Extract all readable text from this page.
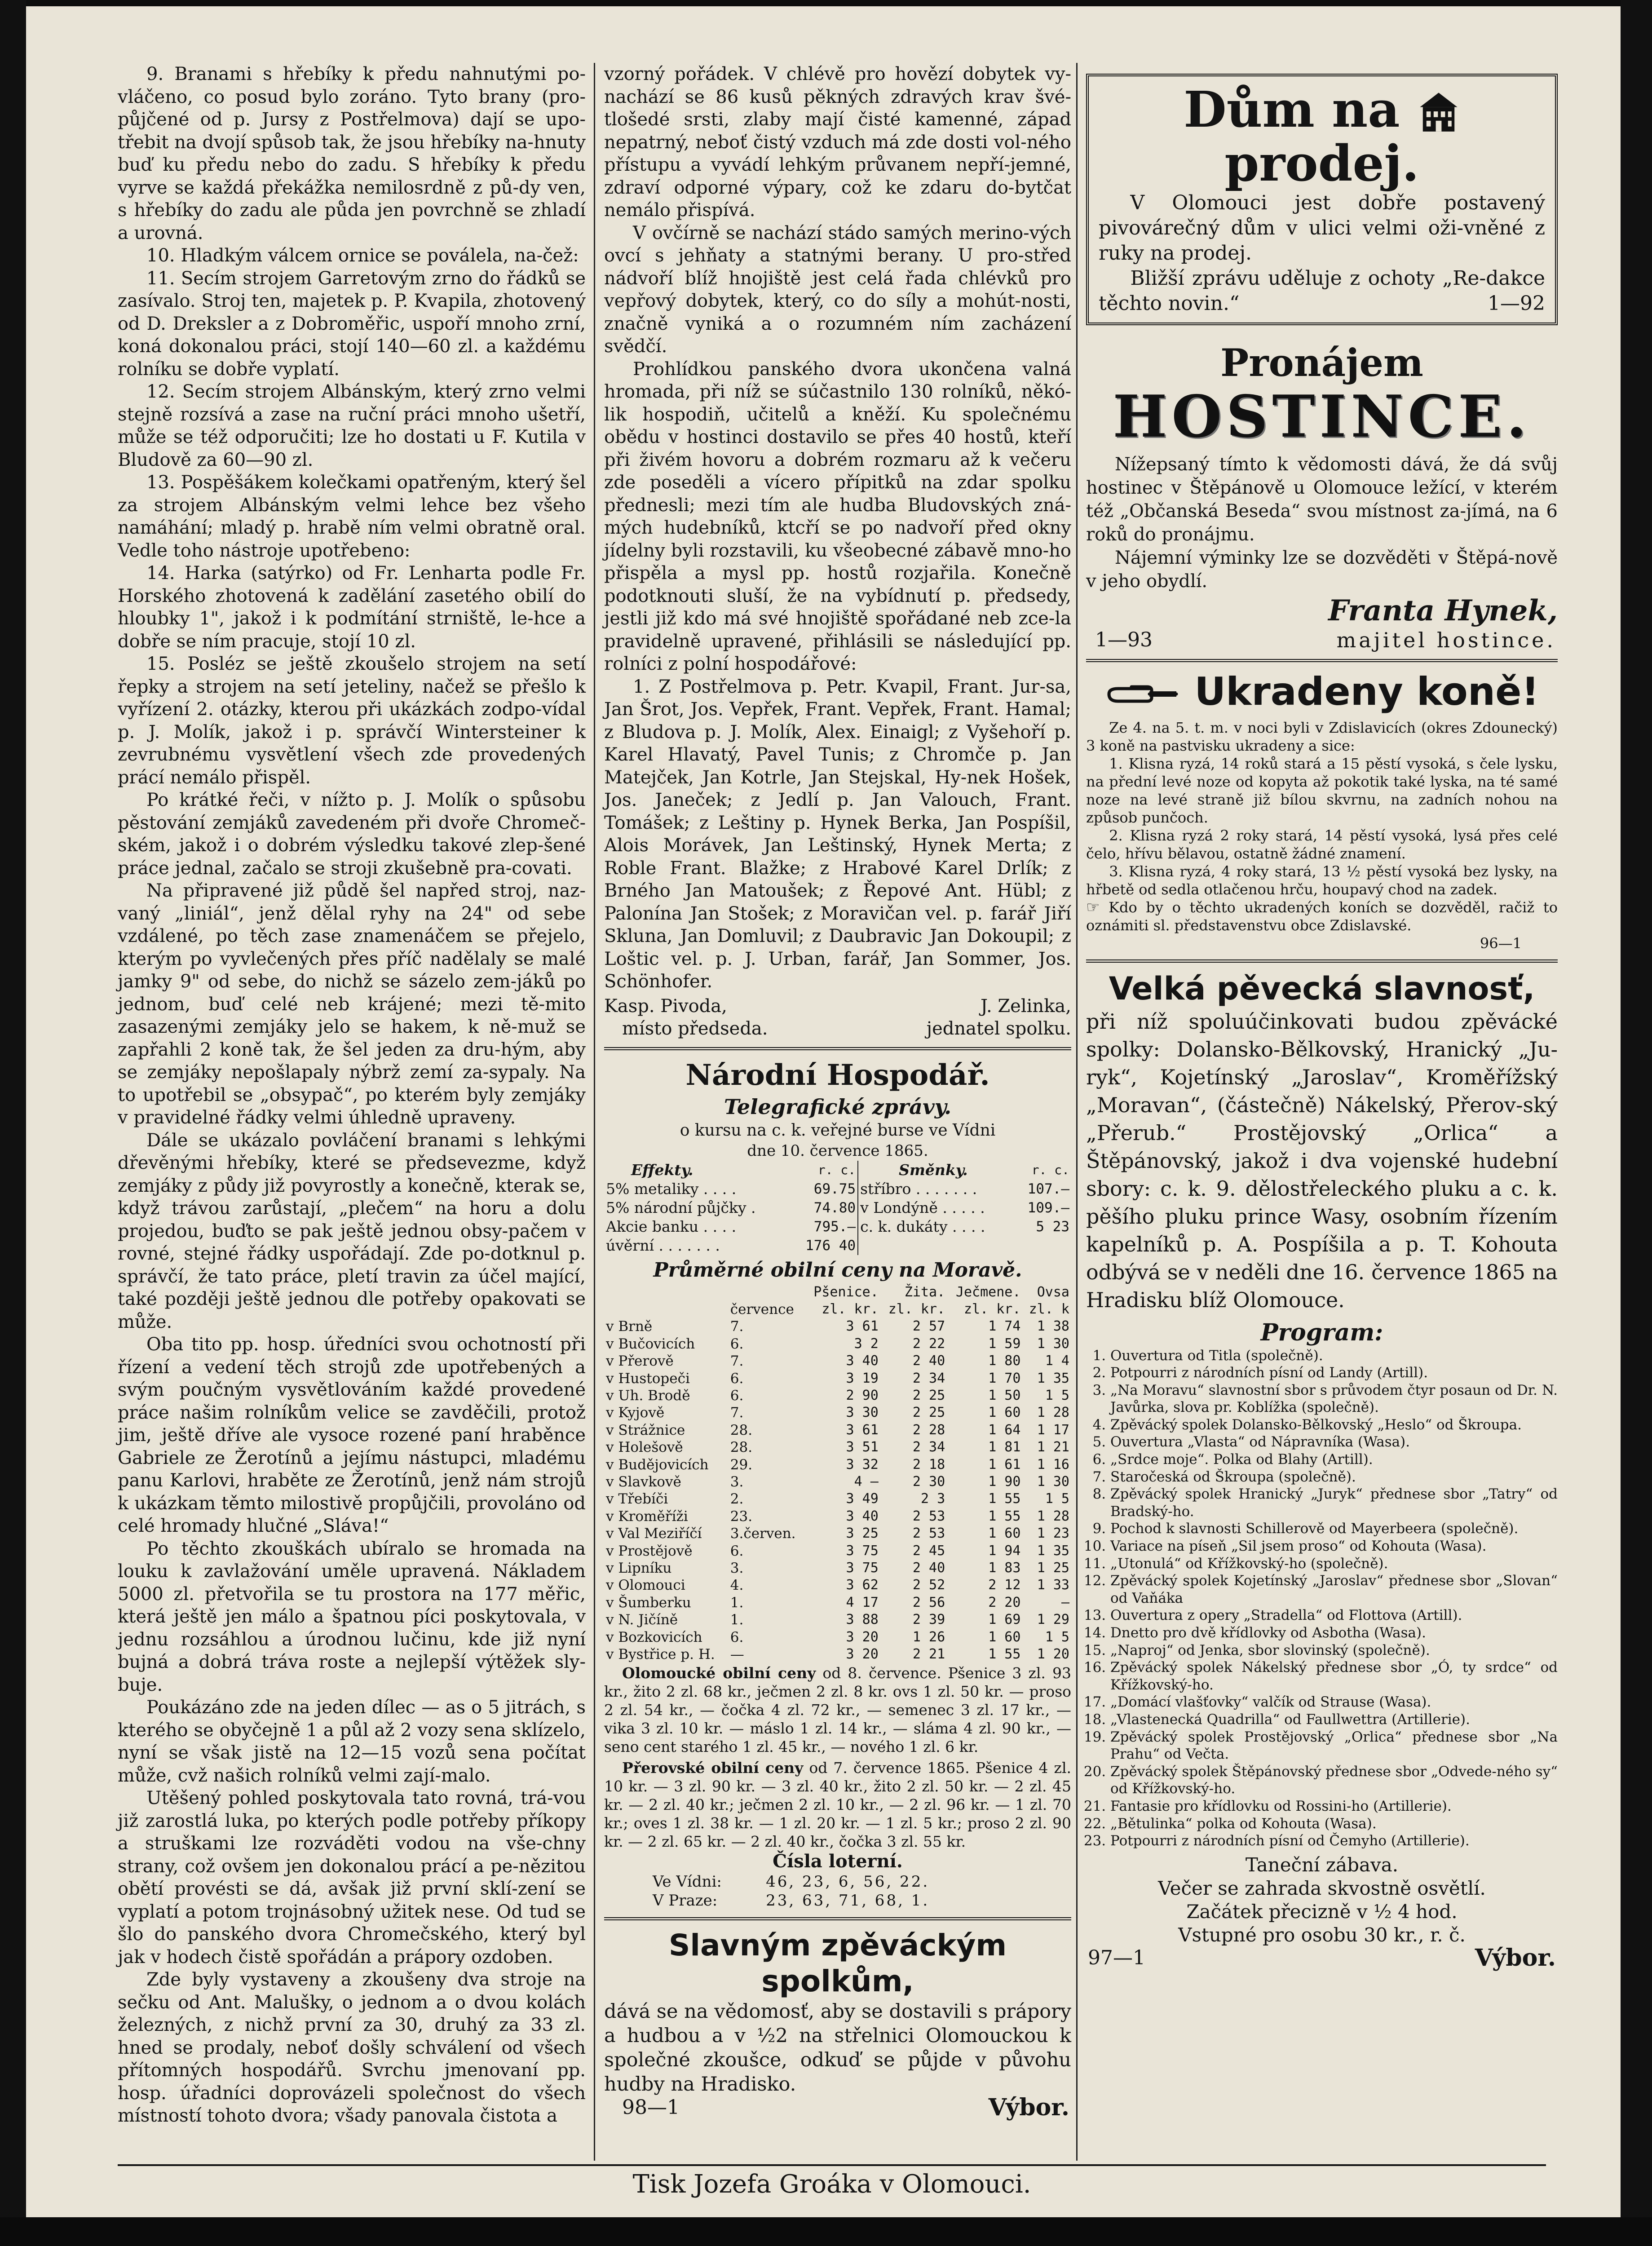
9. Branami s hřebíky k předu nahnutými po-vláčeno, co posud bylo zoráno. Tyto brany (pro-půjčené od p. Jursy z Postřelmova) dají se upo-třebit na dvojí spůsob tak, že jsou hřebíky na-hnuty buď ku předu nebo do zadu. S hřebíky k předu vyrve se každá překážka nemilosrdně z pů-dy ven, s hřebíky do zadu ale půda jen povrchně se zhladí a urovná.

10. Hladkým válcem ornice se poválela, na-čež:

11. Secím strojem Garretovým zrno do řádků se zasívalo. Stroj ten, majetek p. P. Kvapila, zhotovený od D. Dreksler a z Dobroměřic, uspoří mnoho zrní, koná dokonalou práci, stojí 140—60 zl. a každému rolníku se dobře vyplatí.

12. Secím strojem Albánským, který zrno velmi stejně rozsívá a zase na ruční práci mnoho ušetří, může se též odporučiti; lze ho dostati u F. Kutila v Bludově za 60—90 zl.

13. Pospěšákem kolečkami opatřeným, který šel za strojem Albánským velmi lehce bez všeho namáhání; mladý p. hrabě ním velmi obratně oral. Vedle toho nástroje upotřebeno:

14. Harka (satýrko) od Fr. Lenharta podle Fr. Horského zhotovená k zadělání zasetého obilí do hloubky 1", jakož i k podmítání strniště, le-hce a dobře se ním pracuje, stojí 10 zl.

15. Posléz se ještě zkoušelo strojem na setí řepky a strojem na setí jeteliny, načež se přešlo k vyřízení 2. otázky, kterou při ukázkách zodpo-vídal p. J. Molík, jakož i p. správčí Wintersteiner k zevrubnému vysvětlení všech zde provedených prácí nemálo přispěl.

Po krátké řeči, v nížto p. J. Molík o spůsobu pěstování zemjáků zavedeném při dvoře Chromeč-ském, jakož i o dobrém výsledku takové zlep-šené práce jednal, začalo se stroji zkušebně pra-covati.

Na připravené již půdě šel napřed stroj, naz-vaný „liniál“, jenž dělal ryhy na 24" od sebe vzdálené, po těch zase znamenáčem se přejelo, kterým po vyvlečených přes příč nadělaly se malé jamky 9" od sebe, do nichž se sázelo zem-jáků po jednom, buď celé neb krájené; mezi tě-mito zasazenými zemjáky jelo se hakem, k ně-muž se zapřahli 2 koně tak, že šel jeden za dru-hým, aby se zemjáky nepošlapaly nýbrž zemí za-sypaly. Na to upotřebil se „obsypač“, po kterém byly zemjáky v pravidelné řádky velmi úhledně upraveny.

Dále se ukázalo povláčení branami s lehkými dřevěnými hřebíky, které se předsevezme, když zemjáky z půdy již povyrostly a konečně, kterak se, když trávou zarůstají, „plečem“ na horu a dolu projedou, buďto se pak ještě jednou obsy-pačem v rovné, stejné řádky uspořádají. Zde po-dotknul p. správčí, že tato práce, pletí travin za účel mající, také později ještě jednou dle potřeby opakovati se může.

Oba tito pp. hosp. úředníci svou ochotností při řízení a vedení těch strojů zde upotřebených a svým poučným vysvětlováním každé provedené práce našim rolníkům velice se zavděčili, protož jim, ještě dříve ale vysoce rozené paní hraběnce Gabriele ze Žerotínů a jejímu nástupci, mladému panu Karlovi, hraběte ze Žerotínů, jenž nám strojů k ukázkam těmto milostivě propůjčili, provoláno od celé hromady hlučné „Sláva!“

Po těchto zkouškách ubíralo se hromada na louku k zavlažování uměle upravená. Nákladem 5000 zl. přetvořila se tu prostora na 177 měřic, která ještě jen málo a špatnou píci poskytovala, v jednu rozsáhlou a úrodnou lučinu, kde již nyní bujná a dobrá tráva roste a nejlepší výtěžek sly-buje.

Poukázáno zde na jeden dílec — as o 5 jitrách, s kterého se obyčejně 1 a půl až 2 vozy sena sklízelo, nyní se však jistě na 12—15 vozů sena počítat může, cvž našich rolníků velmi zají-malo.

Utěšený pohled poskytovala tato rovná, trá-vou již zarostlá luka, po kterých podle potřeby příkopy a struškami lze rozváděti vodou na vše-chny strany, což ovšem jen dokonalou prácí a pe-nězitou obětí provésti se dá, avšak již první sklí-zení se vyplatí a potom trojnásobný užitek nese. Od tud se šlo do panského dvora Chromečského, který byl jak v hodech čistě spořádán a prápory ozdoben.

Zde byly vystaveny a zkoušeny dva stroje na sečku od Ant. Malušky, o jednom a o dvou kolách železných, z nichž první za 30, druhý za 33 zl. hned se prodaly, neboť došly schválení od všech přítomných hospodářů. Svrchu jmenovaní pp. hosp. úřadníci doprovázeli společnost do všech místností tohoto dvora; všady panovala čistota a

vzorný pořádek. V chlévě pro hovězí dobytek vy-nachází se 86 kusů pěkných zdravých krav švé-tlošedé srsti, zlaby mají čisté kamenné, západ nepatrný, neboť čistý vzduch má zde dosti vol-ného přístupu a vyvádí lehkým průvanem nepří-jemné, zdraví odporné výpary, což ke zdaru do-bytčat nemálo přispívá.

V ovčírně se nachází stádo samých merino-vých ovcí s jehňaty a statnými berany. U pro-střed nádvoří blíž hnojiště jest celá řada chlévků pro vepřový dobytek, který, co do síly a mohút-nosti, značně vyniká a o rozumném ním zacházení svědčí.

Prohlídkou panského dvora ukončena valná hromada, při níž se súčastnilo 130 rolníků, někó-lik hospodiň, učitelů a kněží. Ku společnému obědu v hostinci dostavilo se přes 40 hostů, kteří při živém hovoru a dobrém rozmaru až k večeru zde poseděli a vícero přípitků na zdar spolku přednesli; mezi tím ale hudba Bludovských zná-mých hudebníků, ktcří se po nadvoří před okny jídelny byli rozstavili, ku všeobecné zábavě mno-ho přispěla a mysl pp. hostů rozjařila. Konečně podotknouti sluší, že na vybídnutí p. předsedy, jestli již kdo má své hnojiště spořádané neb zce-la pravidelně upravené, přihlásili se následující pp. rolníci z polní hospodářové:

1. Z Postřelmova p. Petr. Kvapil, Frant. Jur-sa, Jan Šrot, Jos. Vepřek, Frant. Vepřek, Frant. Hamal; z Bludova p. J. Molík, Alex. Einaigl; z Vyšehoří p. Karel Hlavatý, Pavel Tunis; z Chromče p. Jan Matejček, Jan Kotrle, Jan Stejskal, Hy-nek Hošek, Jos. Janeček; z Jedlí p. Jan Valouch, Frant. Tomášek; z Leštiny p. Hynek Berka, Jan Pospíšil, Alois Morávek, Jan Leštinský, Hynek Merta; z Roble Frant. Blažke; z Hrabové Karel Drlík; z Brného Jan Matoušek; z Řepové Ant. Hübl; z Palonína Jan Stošek; z Moravičan vel. p. farář Jiří Skluna, Jan Domluvil; z Daubravic Jan Dokoupil; z Loštic vel. p. J. Urban, farář, Jan Sommer, Jos. Schönhofer.

Kasp. Pivoda,	J. Zelinka,
místo předseda.	jednatel spolku.
Národní Hospodář.
Telegrafické zprávy.
o kursu na c. k. veřejné burse ve Vídni
dne 10. července 1865.
Effekty.	r. c.	Směnky.	r. c.
5% metaliky . . . .	69.75	stříbro . . . . . . .	107.—
5% národní půjčky .	74.80	v Londýně . . . . .	109.—
Akcie banku . . . .	795.—	c. k. dukáty . . . .	5 23
úvěrní . . . . . . .	176 40		
Průměrné obilní ceny na Moravě.
		Pšenice.	Žita.	Ječmene.	Ovsa
	července	zl. kr.	zl. kr.	zl. kr.	zl. k
v Brně	7.	3 61	2 57	1 74	1 38
v Bučovicích	6.	3 2	2 22	1 59	1 30
v Přerově	7.	3 40	2 40	1 80	1 4
v Hustopeči	6.	3 19	2 34	1 70	1 35
v Uh. Brodě	6.	2 90	2 25	1 50	1 5
v Kyjově	7.	3 30	2 25	1 60	1 28
v Strážnice	28.	3 61	2 28	1 64	1 17
v Holešově	28.	3 51	2 34	1 81	1 21
v Budějovicích	29.	3 32	2 18	1 61	1 16
v Slavkově	3.	4 —	2 30	1 90	1 30
v Třebíči	2.	3 49	2 3	1 55	1 5
v Kroměříži	23.	3 40	2 53	1 55	1 28
v Val Meziříčí	3.červen.	3 25	2 53	1 60	1 23
v Prostějově	6.	3 75	2 45	1 94	1 35
v Lipníku	3.	3 75	2 40	1 83	1 25
v Olomouci	4.	3 62	2 52	2 12	1 33
v Šumberku	1.	4 17	2 56	2 20	—
v N. Jičíně	1.	3 88	2 39	1 69	1 29
v Bozkovicích	6.	3 20	1 26	1 60	1 5
v Bystřice p. H.	—	3 20	2 21	1 55	1 20
Olomoucké obilní ceny od 8. července. Pšenice 3 zl. 93 kr., žito 2 zl. 68 kr., ječmen 2 zl. 8 kr. ovs 1 zl. 50 kr. — proso 2 zl. 54 kr., — čočka 4 zl. 72 kr., — semenec 3 zl. 17 kr., — vika 3 zl. 10 kr. — máslo 1 zl. 14 kr., — sláma 4 zl. 90 kr., — seno cent starého 1 zl. 45 kr., — nového 1 zl. 6 kr.
Přerovské obilní ceny od 7. července 1865. Pšenice 4 zl. 10 kr. — 3 zl. 90 kr. — 3 zl. 40 kr., žito 2 zl. 50 kr. — 2 zl. 45 kr. — 2 zl. 40 kr.; ječmen 2 zl. 10 kr., — 2 zl. 96 kr. — 1 zl. 70 kr.; oves 1 zl. 38 kr. — 1 zl. 20 kr. — 1 zl. 5 kr.; proso 2 zl. 90 kr. — 2 zl. 65 kr. — 2 zl. 40 kr., čočka 3 zl. 55 kr.
Čísla loterní.
Ve Vídni:	46, 23, 6, 56, 22.
V Praze:	23, 63, 71, 68, 1.
Slavným zpěváckým spolkům,
dává se na vědomosť, aby se dostavili s prápory a hudbou a v ½2 na střelnici Olomouckou k společné zkoušce, odkuď se půjde v půvohu hudby na Hradisko.
98—1	Výbor.
Dům na  prodej.

V Olomouci jest dobře postavený pivovárečný dům v ulici velmi oži-vněné z ruky na prodej.

Bližší zprávu uděluje z ochoty „Re-dakce těchto novin.“	1—92
Pronájem
HOSTINCE.

Nížepsaný tímto k vědomosti dává, že dá svůj hostinec v Štěpánově u Olomouce ležící, v kterém též „Občanská Beseda“ svou místnost za-jímá, na 6 roků do pronájmu.

Nájemní výminky lze se dozvěděti v Štěpá-nově v jeho obydlí.

Franta Hynek,
1—93	majitel hostince.
Ukradeny koně!

Ze 4. na 5. t. m. v noci byli v Zdislavicích (okres Zdounecký) 3 koně na pastvisku ukradeny a sice:

1. Klisna ryzá, 14 roků stará a 15 pěstí vysoká, s čele lysku, na přední levé noze od kopyta až pokotik také lyska, na té samé noze na levé straně již bílou skvrnu, na zadních nohou na způsob punčoch.

2. Klisna ryzá 2 roky stará, 14 pěstí vysoká, lysá přes celé čelo, hřívu bělavou, ostatně žádné znamení.

3. Klisna ryzá, 4 roky stará, 13 ½ pěstí vysoká bez lysky, na hřbetě od sedla otlačenou hrču, houpavý chod na zadek.

☞ Kdo by o těchto ukradených koních se dozvěděl, račiž to oznámiti sl. představenstvu obce Zdislavské.
96—1
Velká pěvecká slavnosť,
při níž spoluúčinkovati budou zpěvácké spolky: Dolansko-Bělkovský, Hranický „Ju-ryk“, Kojetínský „Jaroslav“, Kroměřížský „Moravan“, (částečně) Nákelský, Přerov-ský „Přerub.“ Prostějovský „Orlica“ a Štěpánovský, jakož i dva vojenské hudební sbory: c. k. 9. dělostřeleckého pluku a c. k. pěšího pluku prince Wasy, osobním řízením kapelníků p. A. Pospíšila a p. T. Kohouta odbývá se v neděli dne 16. července 1865 na Hradisku blíž Olomouce.
Program:
1. Ouvertura od Titla (společně).
2. Potpourri z národních písní od Landy (Artill).
3. „Na Moravu“ slavnostní sbor s průvodem čtyr posaun od Dr. N. Javůrka, slova pr. Koblížka (společně).
4. Zpěvácký spolek Dolansko-Bělkovský „Heslo“ od Škroupa.
5. Ouvertura „Vlasta“ od Nápravníka (Wasa).
6. „Srdce moje“. Polka od Blahy (Artill).
7. Staročeská od Škroupa (společně).
8. Zpěvácký spolek Hranický „Juryk“ přednese sbor „Tatry“ od Bradský-ho.
9. Pochod k slavnosti Schillerově od Mayerbeera (společně).
10. Variace na píseň „Sil jsem proso“ od Kohouta (Wasa).
11. „Utonulá“ od Křížkovský-ho (společně).
12. Zpěvácký spolek Kojetínský „Jaroslav“ přednese sbor „Slovan“ od Vaňáka
13. Ouvertura z opery „Stradella“ od Flottova (Artill).
14. Dnetto pro dvě křídlovky od Asbotha (Wasa).
15. „Naproj“ od Jenka, sbor slovinský (společně).
16. Zpěvácký spolek Nákelský přednese sbor „Ó, ty srdce“ od Křížkovský-ho.
17. „Domácí vlašťovky“ valčík od Strause (Wasa).
18. „Vlastenecká Quadrilla“ od Faullwettra (Artillerie).
19. Zpěvácký spolek Prostějovský „Orlica“ přednese sbor „Na Prahu“ od Večta.
20. Zpěvácký spolek Štěpánovský přednese sbor „Odvede-ného sy“ od Křížkovský-ho.
21. Fantasie pro křídlovku od Rossini-ho (Artillerie).
22. „Bětulinka“ polka od Kohouta (Wasa).
23. Potpourri z národních písní od Čemyho (Artillerie).
Taneční zábava.
Večer se zahrada skvostně osvětlí.
Začátek přecizně v ½ 4 hod.
Vstupné pro osobu 30 kr., r. č.
97—1	Výbor.
Tisk Jozefa Groáka v Olomouci.
